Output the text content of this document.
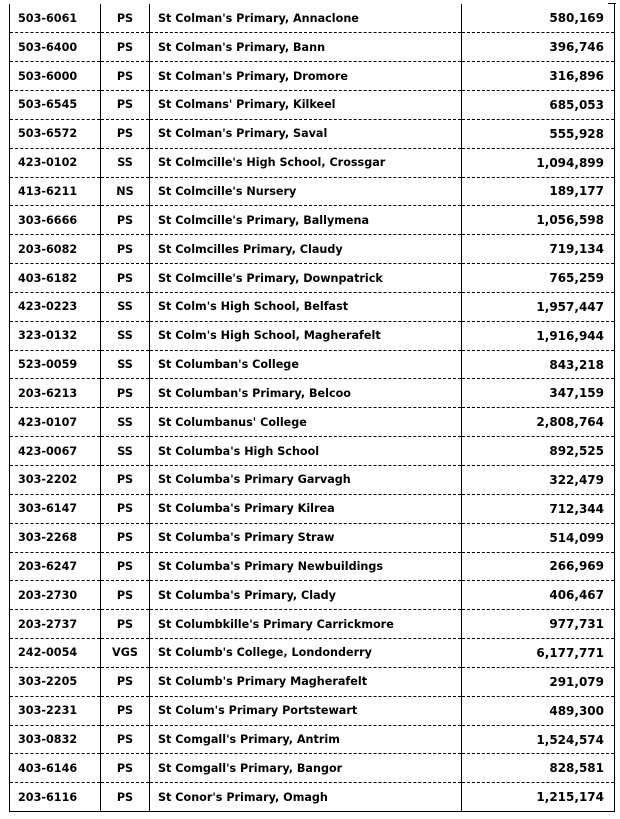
503-6061	PS	St Colman's Primary, Annaclone	580,169
503-6400	PS	St Colman's Primary, Bann	396,746
503-6000	PS	St Colman's Primary, Dromore	316,896
503-6545	PS	St Colmans' Primary, Kilkeel	685,053
503-6572	PS	St Colman's Primary, Saval	555,928
423-0102	SS	St Colmcille's High School, Crossgar	1,094,899
413-6211	NS	St Colmcille's Nursery	189,177
303-6666	PS	St Colmcille's Primary, Ballymena	1,056,598
203-6082	PS	St Colmcilles Primary, Claudy	719,134
403-6182	PS	St Colmcille's Primary, Downpatrick	765,259
423-0223	SS	St Colm's High School, Belfast	1,957,447
323-0132	SS	St Colm's High School, Magherafelt	1,916,944
523-0059	SS	St Columban's College	843,218
203-6213	PS	St Columban's Primary, Belcoo	347,159
423-0107	SS	St Columbanus' College	2,808,764
423-0067	SS	St Columba's High School	892,525
303-2202	PS	St Columba's Primary Garvagh	322,479
303-6147	PS	St Columba's Primary Kilrea	712,344
303-2268	PS	St Columba's Primary Straw	514,099
203-6247	PS	St Columba's Primary Newbuildings	266,969
203-2730	PS	St Columba's Primary, Clady	406,467
203-2737	PS	St Columbkille's Primary Carrickmore	977,731
242-0054	VGS	St Columb's College, Londonderry	6,177,771
303-2205	PS	St Columb's Primary Magherafelt	291,079
303-2231	PS	St Colum's Primary Portstewart	489,300
303-0832	PS	St Comgall's Primary, Antrim	1,524,574
403-6146	PS	St Comgall's Primary, Bangor	828,581
203-6116	PS	St Conor's Primary, Omagh	1,215,174
